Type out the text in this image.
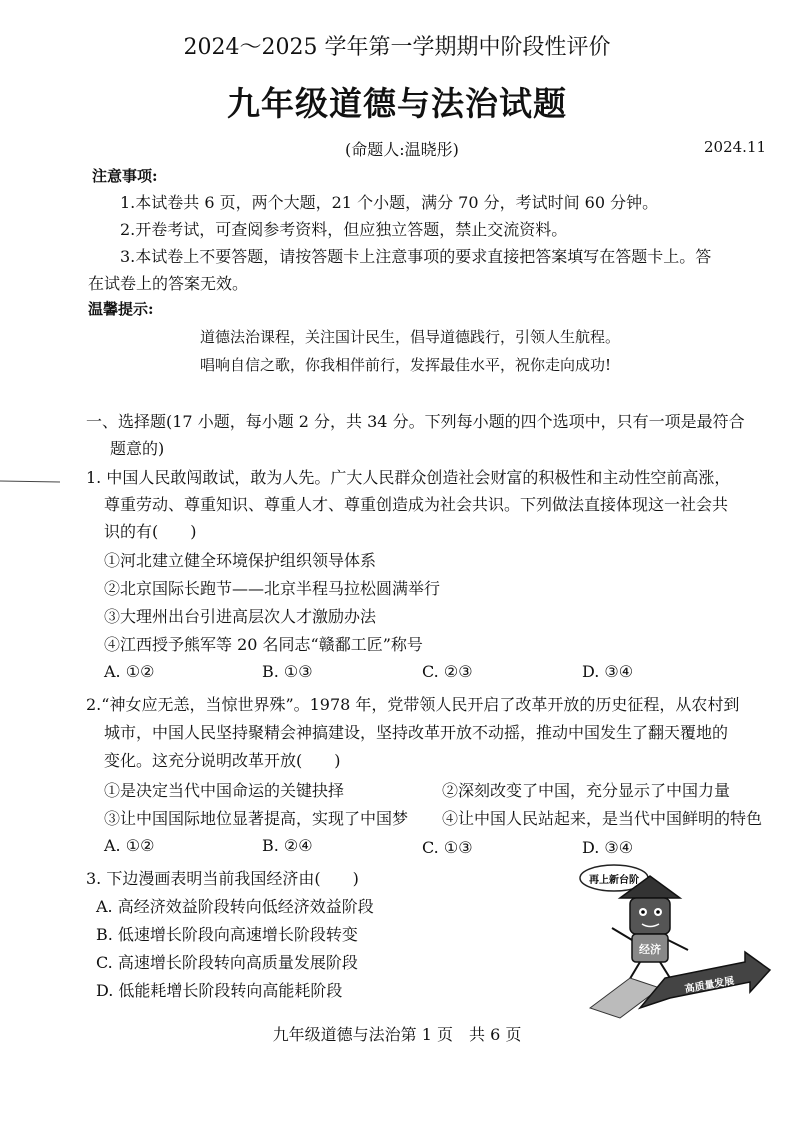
2024～2025 学年第一学期期中阶段性评价
九年级道德与法治试题
(命题人:温晓彤)	2024.11
注意事项:
1.本试卷共 6 页，两个大题，21 个小题，满分 70 分，考试时间 60 分钟。
2.开卷考试，可查阅参考资料，但应独立答题，禁止交流资料。
3.本试卷上不要答题，请按答题卡上注意事项的要求直接把答案填写在答题卡上。答
在试卷上的答案无效。
温馨提示:
道德法治课程，关注国计民生，倡导道德践行，引领人生航程。
唱响自信之歌，你我相伴前行，发挥最佳水平，祝你走向成功!
一、选择题(17 小题，每小题 2 分，共 34 分。下列每小题的四个选项中，只有一项是最符合
题意的)
1. 中国人民敢闯敢试，敢为人先。广大人民群众创造社会财富的积极性和主动性空前高涨，
尊重劳动、尊重知识、尊重人才、尊重创造成为社会共识。下列做法直接体现这一社会共
识的有(　　)
①河北建立健全环境保护组织领导体系
②北京国际长跑节——北京半程马拉松圆满举行
③大理州出台引进高层次人才激励办法
④江西授予熊军等 20 名同志“赣鄱工匠”称号
A. ①②	B. ①③	C. ②③	D. ③④
2.“神女应无恙，当惊世界殊”。1978 年，党带领人民开启了改革开放的历史征程，从农村到
城市，中国人民坚持聚精会神搞建设，坚持改革开放不动摇，推动中国发生了翻天覆地的
变化。这充分说明改革开放(　　)
①是决定当代中国命运的关键抉择	②深刻改变了中国，充分显示了中国力量
③让中国国际地位显著提高，实现了中国梦 ④让中国人民站起来，是当代中国鲜明的特色
A. ①②	B. ②④	C. ①③	D. ③④
3. 下边漫画表明当前我国经济由(　　)
A. 高经济效益阶段转向低经济效益阶段
B. 低速增长阶段向高速增长阶段转变
C. 高速增长阶段转向高质量发展阶段
D. 低能耗增长阶段转向高能耗阶段
再上新台阶
经济
高质量发展
九年级道德与法治第 1 页　共 6 页
